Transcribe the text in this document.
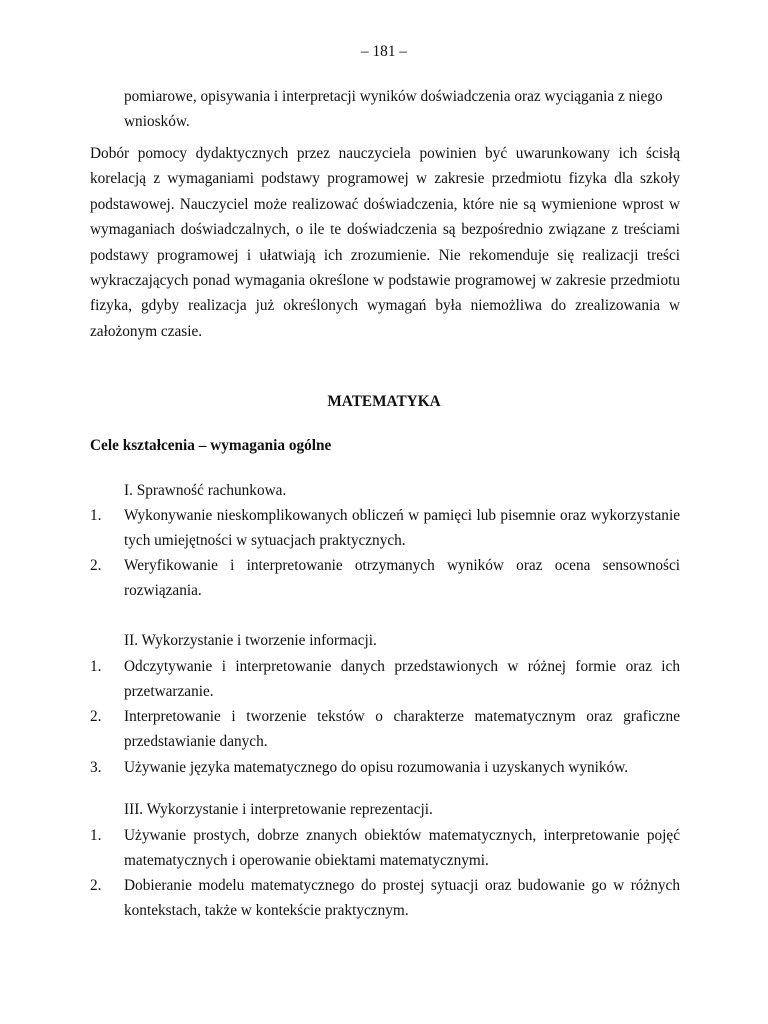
– 181 –
pomiarowe, opisywania i interpretacji wyników doświadczenia oraz wyciągania z niego wniosków.
Dobór pomocy dydaktycznych przez nauczyciela powinien być uwarunkowany ich ścisłą korelacją z wymaganiami podstawy programowej w zakresie przedmiotu fizyka dla szkoły podstawowej. Nauczyciel może realizować doświadczenia, które nie są wymienione wprost w wymaganiach doświadczalnych, o ile te doświadczenia są bezpośrednio związane z treściami podstawy programowej i ułatwiają ich zrozumienie. Nie rekomenduje się realizacji treści wykraczających ponad wymagania określone w podstawie programowej w zakresie przedmiotu fizyka, gdyby realizacja już określonych wymagań była niemożliwa do zrealizowania w założonym czasie.
MATEMATYKA
Cele kształcenia – wymagania ogólne
I. Sprawność rachunkowa.
1.	Wykonywanie nieskomplikowanych obliczeń w pamięci lub pisemnie oraz wykorzystanie tych umiejętności w sytuacjach praktycznych.
2.	Weryfikowanie i interpretowanie otrzymanych wyników oraz ocena sensowności rozwiązania.
II. Wykorzystanie i tworzenie informacji.
1.	Odczytywanie i interpretowanie danych przedstawionych w różnej formie oraz ich przetwarzanie.
2.	Interpretowanie i tworzenie tekstów o charakterze matematycznym oraz graficzne przedstawianie danych.
3.	Używanie języka matematycznego do opisu rozumowania i uzyskanych wyników.
III. Wykorzystanie i interpretowanie reprezentacji.
1.	Używanie prostych, dobrze znanych obiektów matematycznych, interpretowanie pojęć matematycznych i operowanie obiektami matematycznymi.
2.	Dobieranie modelu matematycznego do prostej sytuacji oraz budowanie go w różnych kontekstach, także w kontekście praktycznym.
